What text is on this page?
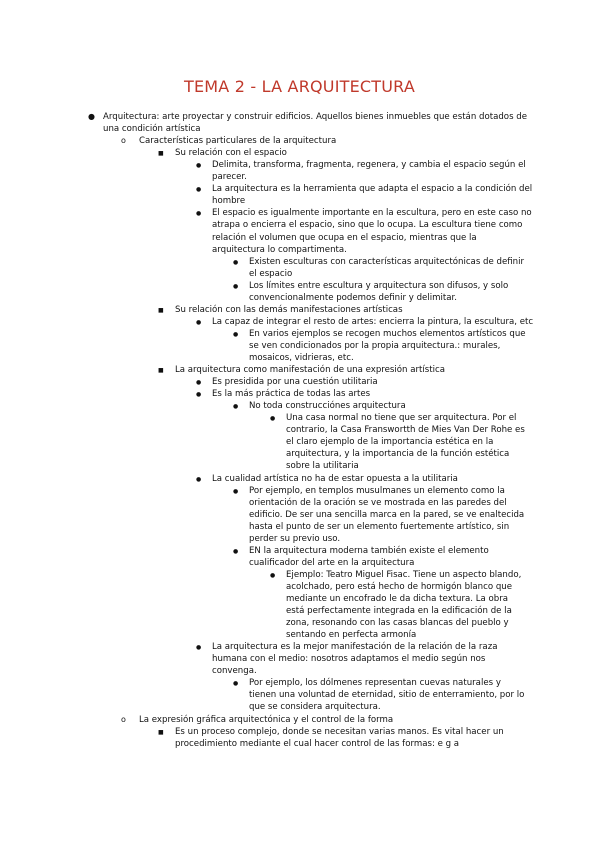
TEMA 2 - LA ARQUITECTURA
●
Arquitectura: arte proyectar y construir edificios. Aquellos bienes inmuebles que están dotados de
una condición artística
o
Características particulares de la arquitectura
■
Su relación con el espacio
●
Delimita, transforma, fragmenta, regenera, y cambia el espacio según el
parecer.
●
La arquitectura es la herramienta que adapta el espacio a la condición del
hombre
●
El espacio es igualmente importante en la escultura, pero en este caso no
atrapa o encierra el espacio, sino que lo ocupa. La escultura tiene como
relación el volumen que ocupa en el espacio, mientras que la
arquitectura lo compartimenta.
●
Existen esculturas con características arquitectónicas de definir
el espacio
●
Los límites entre escultura y arquitectura son difusos, y solo
convencionalmente podemos definir y delimitar.
■
Su relación con las demás manifestaciones artísticas
●
La capaz de integrar el resto de artes: encierra la pintura, la escultura, etc
●
En varios ejemplos se recogen muchos elementos artísticos que
se ven condicionados por la propia arquitectura.: murales,
mosaicos, vidrieras, etc.
■
La arquitectura como manifestación de una expresión artística
●
Es presidida por una cuestión utilitaria
●
Es la más práctica de todas las artes
●
No toda construcciónes arquitectura
●
Una casa normal no tiene que ser arquitectura. Por el
contrario, la Casa Franswortth de Mies Van Der Rohe es
el claro ejemplo de la importancia estética en la
arquitectura, y la importancia de la función estética
sobre la utilitaria
●
La cualidad artística no ha de estar opuesta a la utilitaria
●
Por ejemplo, en templos musulmanes un elemento como la
orientación de la oración se ve mostrada en las paredes del
edificio. De ser una sencilla marca en la pared, se ve enaltecida
hasta el punto de ser un elemento fuertemente artístico, sin
perder su previo uso.
●
EN la arquitectura moderna también existe el elemento
cualificador del arte en la arquitectura
●
Ejemplo: Teatro Miguel Fisac. Tiene un aspecto blando,
acolchado, pero está hecho de hormigón blanco que
mediante un encofrado le da dicha textura. La obra
está perfectamente integrada en la edificación de la
zona, resonando con las casas blancas del pueblo y
sentando en perfecta armonía
●
La arquitectura es la mejor manifestación de la relación de la raza
humana con el medio: nosotros adaptamos el medio según nos
convenga.
●
Por ejemplo, los dólmenes representan cuevas naturales y
tienen una voluntad de eternidad, sitio de enterramiento, por lo
que se considera arquitectura.
o
La expresión gráfica arquitectónica y el control de la forma
■
Es un proceso complejo, donde se necesitan varias manos. Es vital hacer un
procedimiento mediante el cual hacer control de las formas: e g a
